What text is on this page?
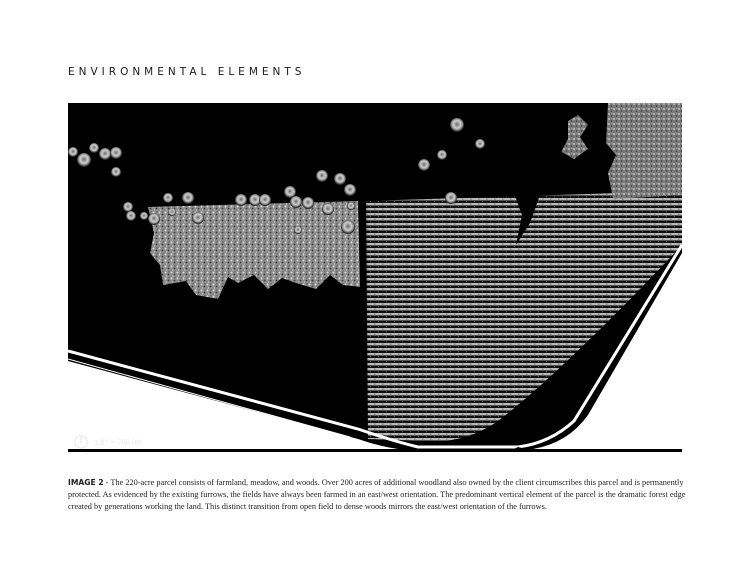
ENVIRONMENTAL ELEMENTS
1.0" = 700.00'

IMAGE 2 - The 220-acre parcel consists of farmland, meadow, and woods. Over 200 acres of additional woodland also owned by the client circumscribes this parcel and is permanently protected. As evidenced by the existing furrows, the fields have always been farmed in an east/west orientation. The predominant vertical element of the parcel is the dramatic forest edge created by generations working the land. This distinct transition from open field to dense woods mirrors the east/west orientation of the furrows.
